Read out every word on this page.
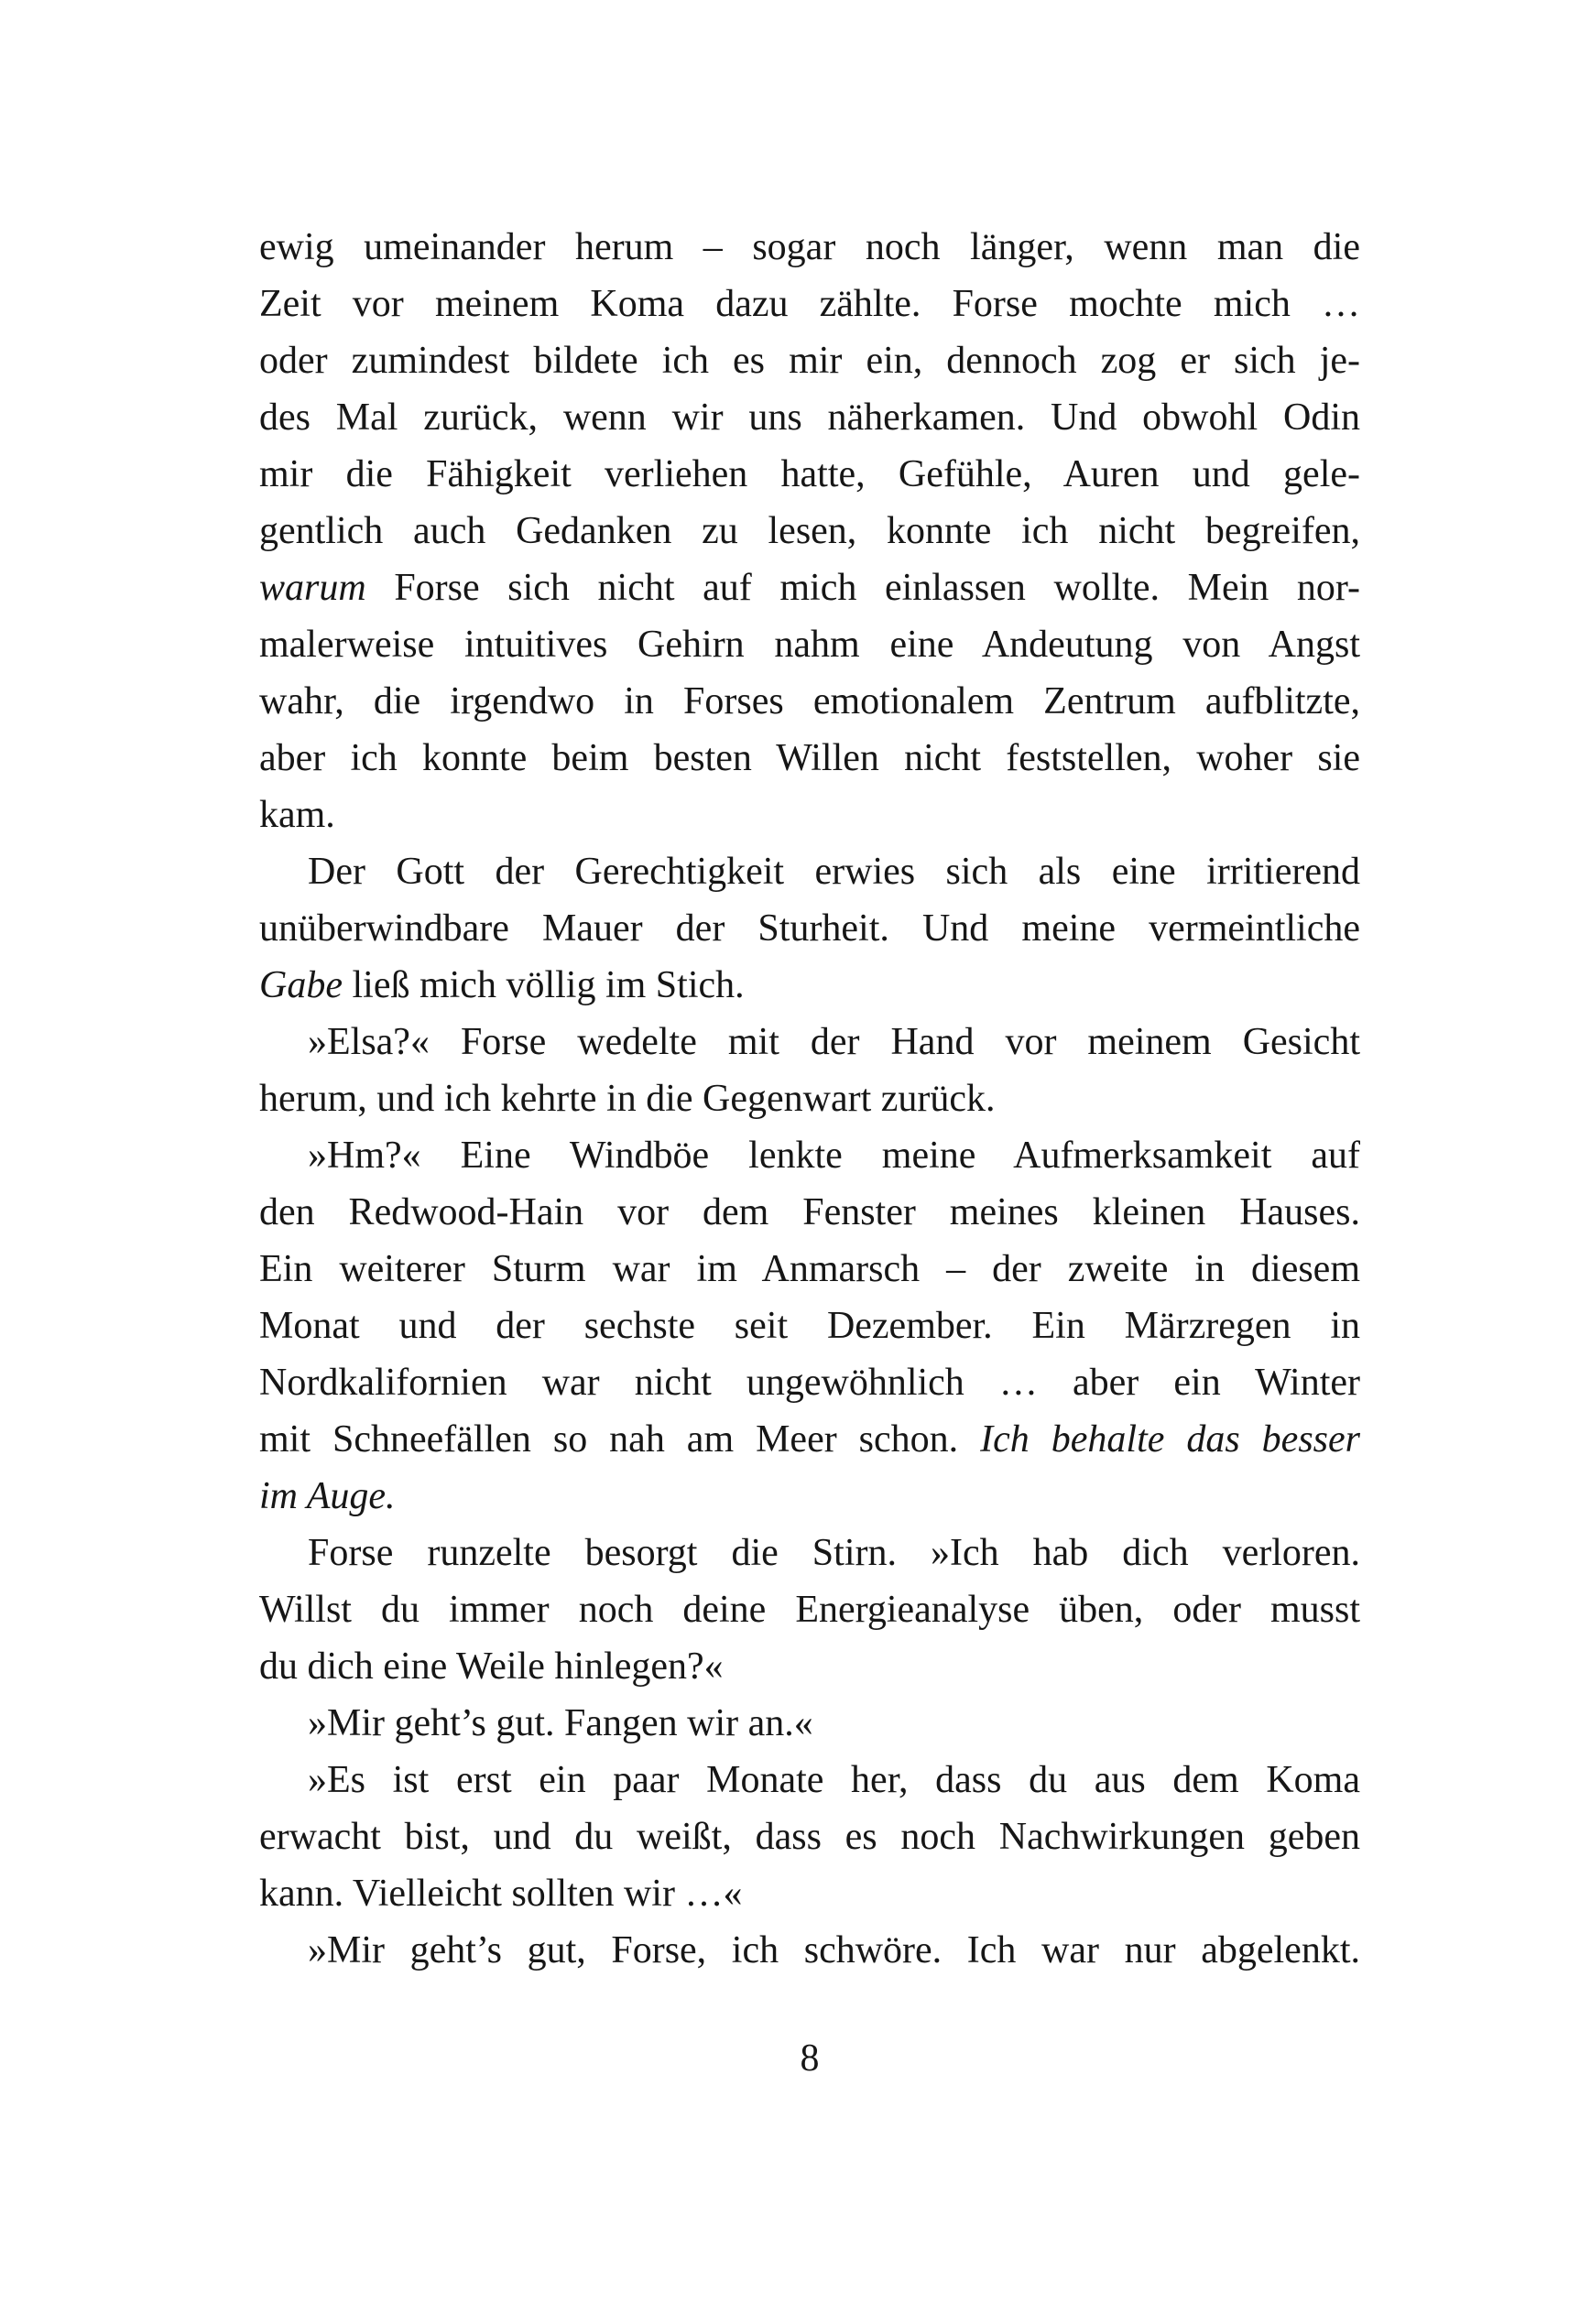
ewig umeinander herum – sogar noch länger, wenn man die
Zeit vor meinem Koma dazu zählte. Forse mochte mich …
oder zumindest bildete ich es mir ein, dennoch zog er sich je-
des Mal zurück, wenn wir uns näherkamen. Und obwohl Odin
mir die Fähigkeit verliehen hatte, Gefühle, Auren und gele-
gentlich auch Gedanken zu lesen, konnte ich nicht begreifen,
warum Forse sich nicht auf mich einlassen wollte. Mein nor-
malerweise intuitives Gehirn nahm eine Andeutung von Angst
wahr, die irgendwo in Forses emotionalem Zentrum aufblitzte,
aber ich konnte beim besten Willen nicht feststellen, woher sie
kam.
Der Gott der Gerechtigkeit erwies sich als eine irritierend
unüberwindbare Mauer der Sturheit. Und meine vermeintliche
Gabe ließ mich völlig im Stich.
»Elsa?« Forse wedelte mit der Hand vor meinem Gesicht
herum, und ich kehrte in die Gegenwart zurück.
»Hm?« Eine Windböe lenkte meine Aufmerksamkeit auf
den Redwood-Hain vor dem Fenster meines kleinen Hauses.
Ein weiterer Sturm war im Anmarsch – der zweite in diesem
Monat und der sechste seit Dezember. Ein Märzregen in
Nordkalifornien war nicht ungewöhnlich … aber ein Winter
mit Schneefällen so nah am Meer schon. Ich behalte das besser
im Auge.
Forse runzelte besorgt die Stirn. »Ich hab dich verloren.
Willst du immer noch deine Energieanalyse üben, oder musst
du dich eine Weile hinlegen?«
»Mir geht’s gut. Fangen wir an.«
»Es ist erst ein paar Monate her, dass du aus dem Koma
erwacht bist, und du weißt, dass es noch Nachwirkungen geben
kann. Vielleicht sollten wir …«
»Mir geht’s gut, Forse, ich schwöre. Ich war nur abgelenkt.
8
